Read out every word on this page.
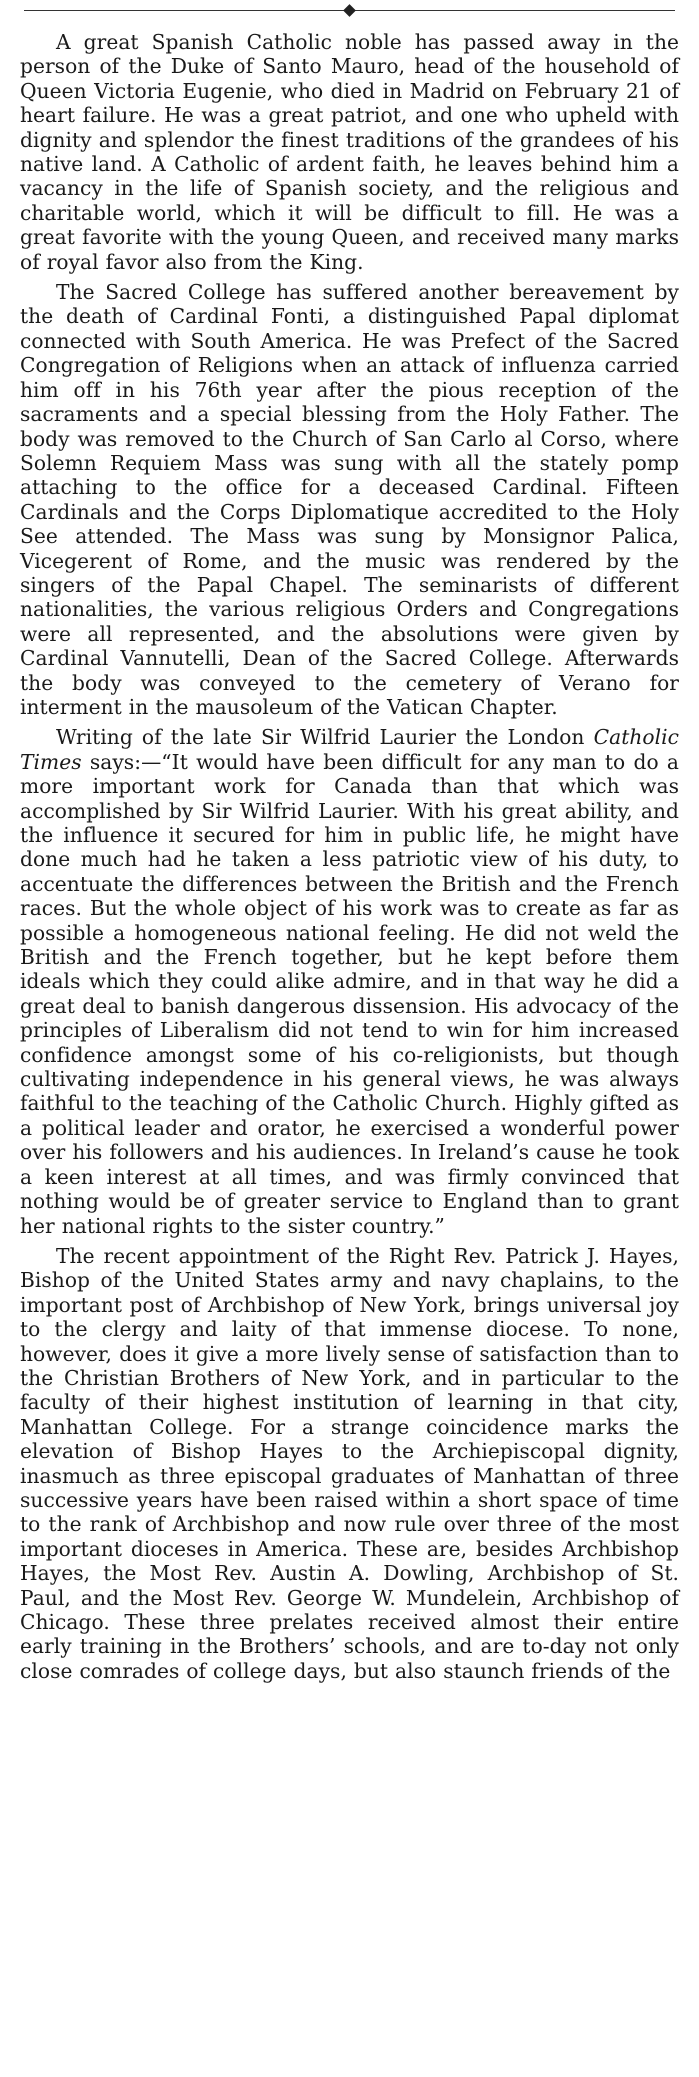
A great Spanish Catholic noble has passed away in the person of the Duke of Santo Mauro, head of the household of Queen Victoria Eugenie, who died in Madrid on February 21 of heart failure. He was a great patriot, and one who upheld with dignity and splendor the finest traditions of the grandees of his native land. A Catholic of ardent faith, he leaves behind him a vacancy in the life of Spanish society, and the religious and charitable world, which it will be difficult to fill. He was a great favorite with the young Queen, and received many marks of royal favor also from the King.

The Sacred College has suffered another bereavement by the death of Cardinal Fonti, a distinguished Papal diplomat connected with South America. He was Prefect of the Sacred Congregation of Religions when an attack of influenza carried him off in his 76th year after the pious reception of the sacraments and a special blessing from the Holy Father. The body was removed to the Church of San Carlo al Corso, where Solemn Requiem Mass was sung with all the stately pomp attaching to the office for a deceased Cardinal. Fifteen Cardinals and the Corps Diplomatique accredited to the Holy See attended. The Mass was sung by Monsignor Palica, Vicegerent of Rome, and the music was rendered by the singers of the Papal Chapel. The seminarists of different nationalities, the various religious Orders and Congregations were all represented, and the absolutions were given by Cardinal Vannutelli, Dean of the Sacred College. Afterwards the body was conveyed to the cemetery of Verano for interment in the mausoleum of the Vatican Chapter.

Writing of the late Sir Wilfrid Laurier the London Catholic Times says:—“It would have been difficult for any man to do a more important work for Canada than that which was accomplished by Sir Wilfrid Laurier. With his great ability, and the influence it secured for him in public life, he might have done much had he taken a less patriotic view of his duty, to accentuate the differences between the British and the French races. But the whole object of his work was to create as far as possible a homogeneous national feeling. He did not weld the British and the French together, but he kept before them ideals which they could alike admire, and in that way he did a great deal to banish dangerous dissension. His advocacy of the principles of Liberalism did not tend to win for him increased confidence amongst some of his co-religionists, but though cultivating independence in his general views, he was always faithful to the teaching of the Catholic Church. Highly gifted as a political leader and orator, he exercised a wonderful power over his followers and his audiences. In Ireland’s cause he took a keen interest at all times, and was firmly convinced that nothing would be of greater service to England than to grant her national rights to the sister country.”

The recent appointment of the Right Rev. Patrick J. Hayes, Bishop of the United States army and navy chaplains, to the important post of Archbishop of New York, brings universal joy to the clergy and laity of that immense diocese. To none, however, does it give a more lively sense of satisfaction than to the Christian Brothers of New York, and in particular to the faculty of their highest institution of learning in that city, Manhattan College. For a strange coincidence marks the elevation of Bishop Hayes to the Archiepiscopal dignity, inasmuch as three episcopal graduates of Manhattan of three successive years have been raised within a short space of time to the rank of Archbishop and now rule over three of the most important dioceses in America. These are, besides Archbishop Hayes, the Most Rev. Austin A. Dowling, Archbishop of St. Paul, and the Most Rev. George W. Mundelein, Archbishop of Chicago. These three prelates received almost their entire early training in the Brothers’ schools, and are to-day not only close comrades of college days, but also staunch friends of the
